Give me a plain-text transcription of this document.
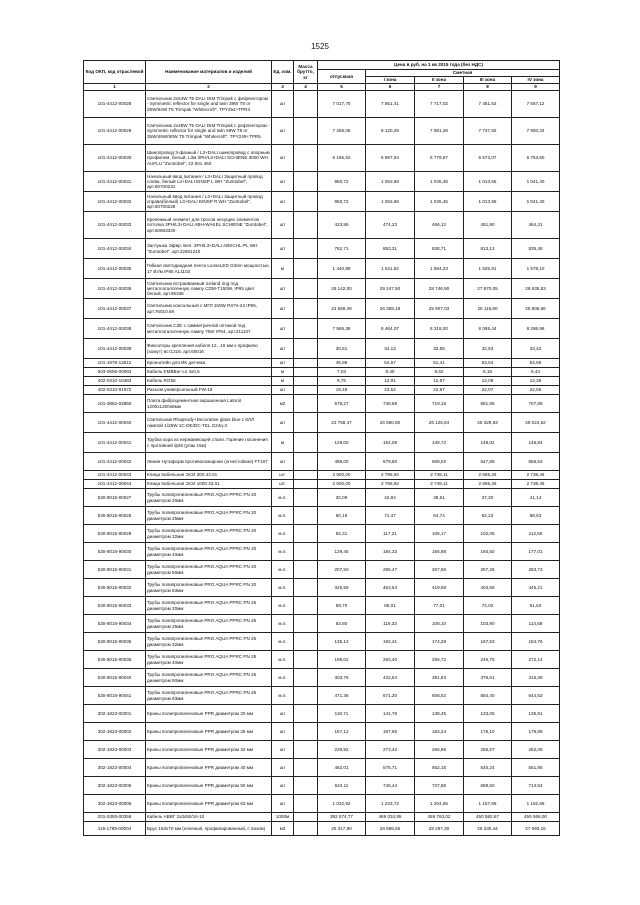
1525
Код ОКП, код отраслевой	Наименование материалов и изделий	Ед. изм.	Масса брутто, кг	Цена в руб. на 1 кв 2015 года (без НДС)				
				отпускная	Сметная			
					I зона	II зона	III зона	IV зона
1	2	3	4	5	6	7	8	9
101-4412-00028	Светильник 2х54W T5 DALI DIM Trimpak с фефлектором - Symmetric reflector for single and twin 39W T8 or 28W/54W T5 Trimpak "Whitecroft". TPY254+TPR4	шт		7 017,75	7 851,41	7 717,02	7 481,63	7 667,12
101-4412-00029	Светильник 2х49W T5 DALI DIM Trimpak с рефлектором - Symmetric reflector for single and twin 58W T8 or 35W/49W/80W T5 Trimpak "Whitecroft". TPY249+TPR5	шт		7 258,05	8 120,25	7 981,26	7 737,82	7 950,34
101-4412-00030	Шинопровод 3-фазный / L3+DALI шинопровод с опорным профилем, белый, L3м 3PH/L3+DALI SCHIENE 3000 WH AUFLU "Zumtobel", 22 601 450	шт		6 165,52	6 897,94	6 779,87	6 573,07	6 753,60
101-4412-00031	Начальный ввод питания / L3+DALI Защитный провод слева, белый L3+DALI EINSP L WH "Zumtobel", арт.60700231	шт		950,72	1 063,66	1 045,45	1 013,56	1 041,40
101-4412-00032	Начальный ввод питания / L3+DALI Защитный провод справа(белый) L3+DALI EINSP R WH "Zumtobel", арт.60700228	шт		950,72	1 063,66	1 045,45	1 013,56	1 041,40
101-4412-00033	Крепежный элемент для тросов несущих элементов потолка 3PH/L3+DALI ABH-WAKEL SCHIENE "Zumtobel", арт.60683340	шт		423,86	474,23	466,12	451,90	464,31
101-4412-00034	Заглушка Эфир. Бел. 3PH/L3+DALI ABSCHL-PL WH "Zumtobel", арт.22601240	шт		752,71	853,31	838,71	813,13	835,48
101-4412-00035	Гибкая светодиодная лента LooseLED Gitren мощностью 17 Вт/м IP65 AL1103	м		1 440,88	1 611,82	1 584,23	1 535,91	1 578,10
101-4412-00036	Светильник встраиваемый Iceland ring под металлогалогенную лампу СDM-T150W, IP65 цвет белый, арт.85336	шт		26 142,00	29 247,50	28 746,90	27 870,05	28 635,53
101-4412-00037	Светильник консольный с МГЛ 150W RX7s-24 IP65, арт.76010.68	шт		23 559,49	26 358,18	25 907,03	25 116,80	25 806,66
101-4412-00038	Светильник СЗЕ с симметричной оптикой под металлогалогенную лампу 70вт IP54, арт.211107	шт		7 565,36	8 464,07	8 319,20	8 065,44	8 286,98
101-4412-00039	Фиксаторы крепления кабеля 12...16 мм к профилю (хомут) вст1216, арт.60016	шт		30,51	34,13	33,55	32,53	33,42
101-1978-13612	Кронштейн для ИК датчика	шт		45,98	54,67	51,41	53,54	54,56
503-0555-00093	Кабель KMBBнг-Ls 4х0,5	м		7,03	8,40	8,62	8,19	8,44
402-0310-10483	Кабель RG58	м		9,75	12,91	12,57	12,09	12,36
402-0310-91972	Разъем универсальный FW-19	шт		19,49	23,52	22,97	22,07	22,56
101-3862-03860	Плита фиброцементная окрашенная Latonit 1200х1200х8мм	м2		578,27	738,68	719,18	691,96	707,89
101-4412-00040	Светильник Rhapsody+Decorative glass blue с КЛЛ лампой 1/26W 1С-DE/DC-TEL G24q-3	шт		23 758,47	26 580,80	26 125,84	25 328,93	26 024,62
101-4412-00041	Трубка кора из нержавеющей стали. Горение посинения с противней ф36 (упак 15м)	м		129,00	154,09	149,72	148,02	146,84
101-4412-00042	Линия Нутиформ противопожарная (огнестойкая) FT197	шт		498,00	579,50	569,02	547,85	556,52
101-4412-00043	Клица Кабельная ЭСИ 300.43.01	шт.		2 500,00	2 796,92	2 749,11	2 665,26	2 738,46
101-4412-00044	Клица Кабельная ЭСИ 1000.43.01	шт.		2 500,00	2 796,92	2 749,11	2 665,26	2 738,46
530-8015-90027	Трубы полипропиленовые PRO AQUA PPRC PN 20 диаметром 20мм	м.п.		30,09	42,84	38,61	37,30	41,14
530-8015-90028	Трубы полипропиленовые PRO AQUA PPRC PN 20 диаметром 25мм	м.п.		50,19	71,47	64,74	62,23	68,63
530-8015-90029	Трубы полипропиленовые PRO AQUA PPRC PN 20 диаметром 32мм	м.п.		82,31	117,21	106,17	102,05	112,55
530-8015-90030	Трубы полипропиленовые PRO AQUA PPRC PN 20 диаметром 40мм	м.п.		129,45	184,33	166,98	160,50	177,01
530-8015-90031	Трубы полипропиленовые PRO AQUA PPRC PN 20 диаметром 50мм	м.п.		207,50	295,47	267,66	257,26	283,73
530-8015-90032	Трубы полипропиленовые PRO AQUA PPRC PN 20 диаметром 63мм	м.п.		325,59	463,63	419,98	403,66	445,21
530-8015-90033	Трубы полипропиленовые PRO AQUA PPRC PN 25 диаметром 20мм	м.п.		59,70	85,01	77,01	74,02	81,63
530-8015-90034	Трубы полипропиленовые PRO AQUA PPRC PN 25 диаметром 25мм	м.п.		83,80	119,33	108,10	103,90	114,59
530-8015-90035	Трубы полипропиленовые PRO AQUA PPRC PN 25 диаметром 32мм	м.п.		135,12	192,41	174,29	167,53	184,76
530-8015-90036	Трубы полипропиленовые PRO AQUA PPRC PN 25 диаметром 40мм	м.п.		199,02	283,40	256,72	246,75	272,14
530-8015-90040	Трубы полипропиленовые PRO AQUA PPRC PN 25 диаметром 50мм	м.п.		303,76	432,54	391,83	376,61	415,36
530-8015-90041	Трубы полипропиленовые PRO AQUA PPRC PN 25 диаметром 63мм	м.п.		471,36	671,20	608,02	584,40	644,53
302-1823-00001	Краны полипропиленовые PPR диаметром 20 мм	шт		118,71	141,79	138,45	133,05	135,91
302-1823-00002	Краны полипропиленовые PPR диаметром 25 мм	шт		157,12	187,66	183,24	176,10	179,89
302-1823-00003	Краны полипропиленовые PPR диаметром 32 мм	шт		228,92	273,42	266,96	256,57	262,09
302-1823-00004	Краны полипропиленовые PPR диаметром 40 мм	шт		482,01	575,71	562,15	540,24	551,85
302-1823-00005	Краны полипропиленовые PPR диаметром 50 мм	шт		624,11	745,44	727,88	699,50	714,54
302-1823-00006	Краны полипропиленовые PPR диаметром 63 мм	шт		1 032,92	1 233,72	1 204,66	1 157,69	1 182,59
201-0393-00356	Кабель АВВГ 2х3х50/16-10	1000м		392 674,77	469 034,95	459 763,02	450 582,67	455 566,00
115-1789-00004	Брус 150х70 мм (клееный, профилированный, с пазом)	м3		25 317,80	29 685,55	28 297,30	26 330,44	27 060,15
